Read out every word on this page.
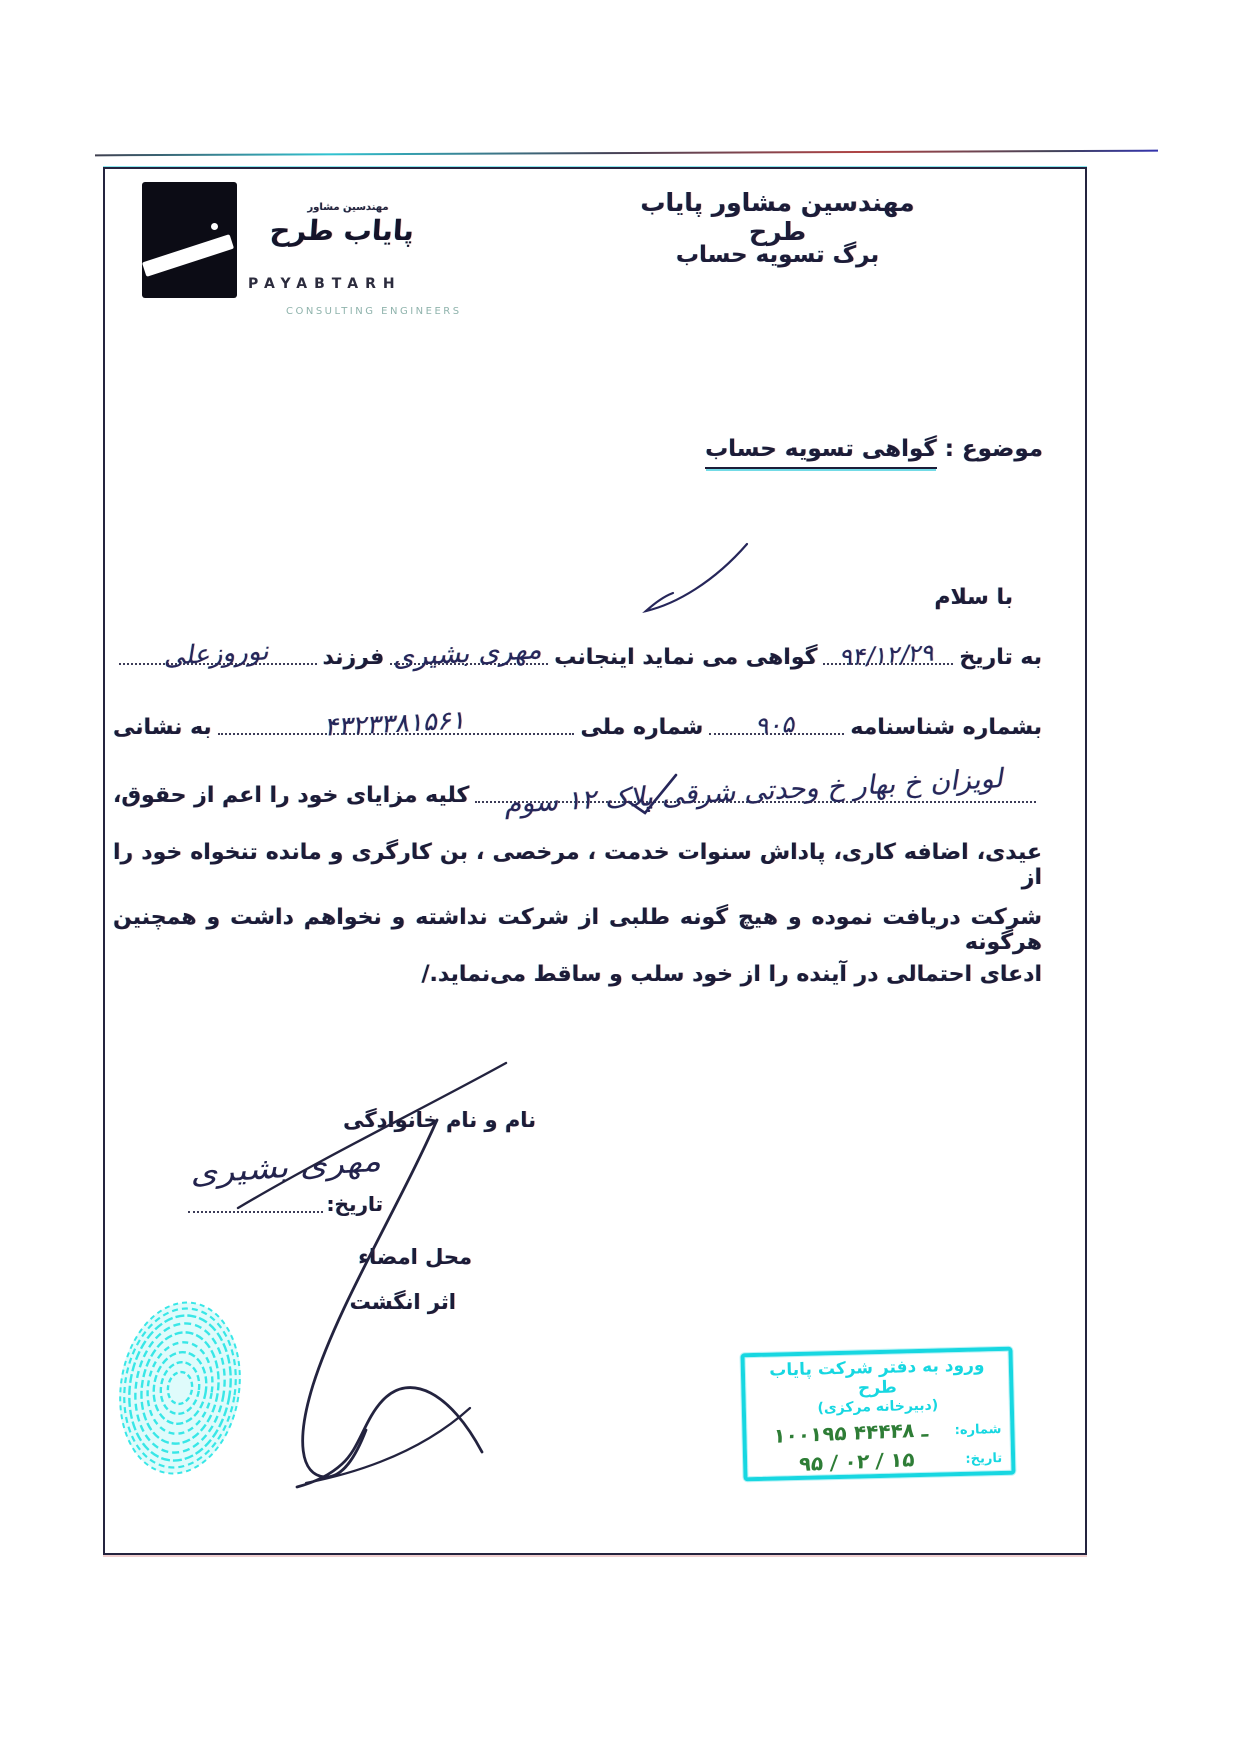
مهندسین مشاور
پایاب طرح
PAYABTARH
CONSULTING ENGINEERS
مهندسین مشاور پایاب طرح
برگ تسویه حساب
موضوع : گواهی تسویه حساب
با سلام
به تاریخ
۹۴/۱۲/۲۹
گواهی می نماید اینجانب
مهری بشیری
فرزند
نوروزعلی
بشماره شناسنامه
۹۰۵
شماره ملی
۴۳۲۳۳۸۱۵۶۱
به نشانی
لویزان خ بهار خ وحدتی شرقی پلاک ۱۲ سوم
کلیه مزایای خود را اعم از حقوق،
عیدی، اضافه کاری، پاداش سنوات خدمت ، مرخصی ، بن کارگری و مانده تنخواه خود را از
شرکت دریافت نموده و هیچ گونه طلبی از شرکت نداشته و نخواهم داشت و همچنین هرگونه
ادعای احتمالی در آینده را از خود سلب و ساقط می‌نماید./
نام و نام خانوادگی
مهری بشیری
تاریخ:
محل امضاء
اثر انگشت
ورود به دفتر شرکت پایاب طرح
(دبیرخانه مرکزی)
شماره:
۱۰۰۱۹۵ ـ ۴۴۴۴۸
تاریخ:
۹۵ / ۰۲ / ۱۵
